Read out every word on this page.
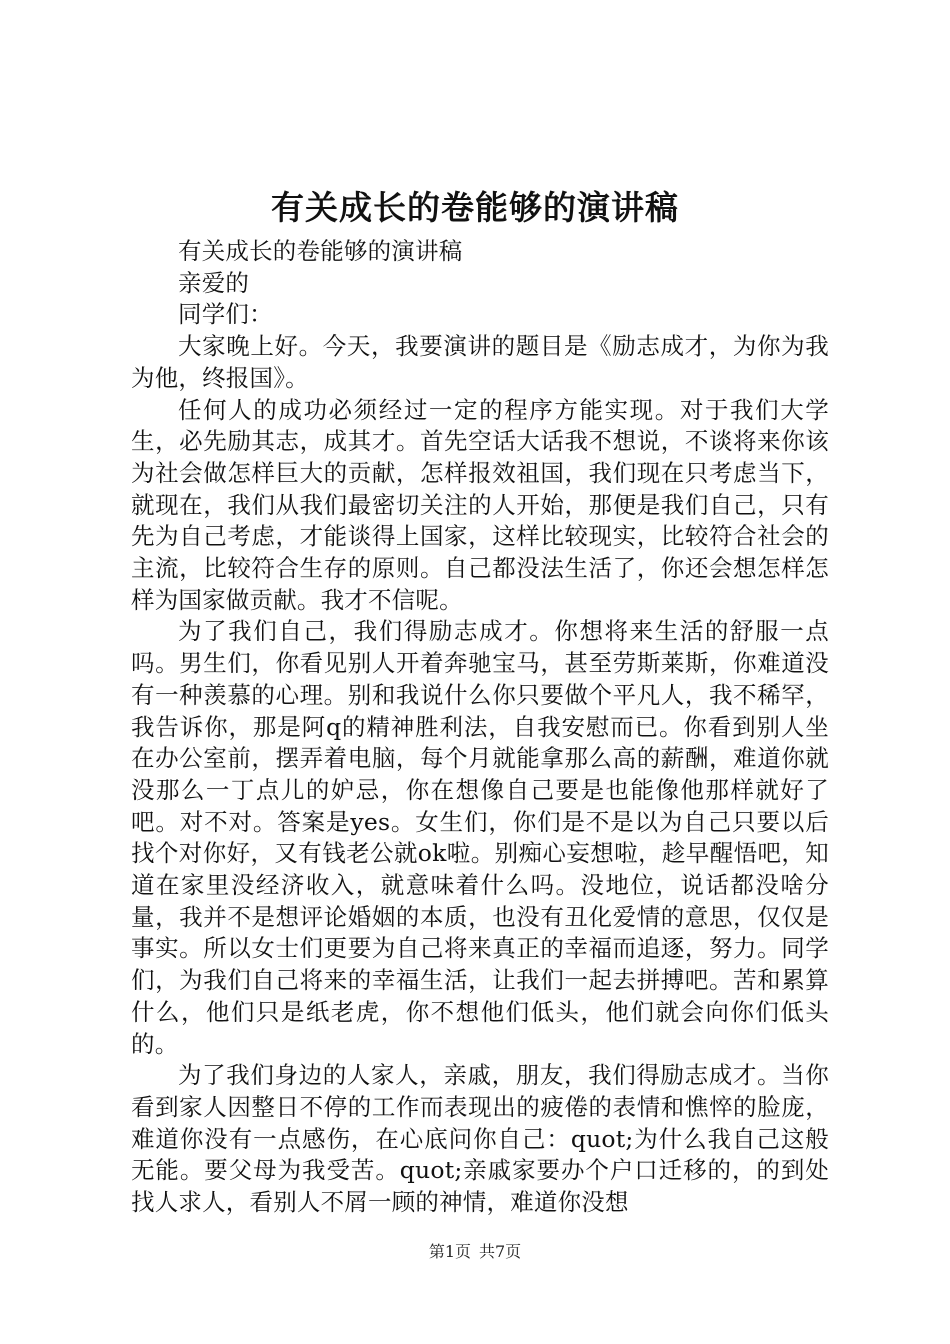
有关成长的卷能够的演讲稿

有关成长的卷能够的演讲稿

亲爱的

同学们：

大家晚上好。今天，我要演讲的题目是《励志成才，为你为我为他，终报国》。

任何人的成功必须经过一定的程序方能实现。对于我们大学生，必先励其志，成其才。首先空话大话我不想说，不谈将来你该为社会做怎样巨大的贡献，怎样报效祖国，我们现在只考虑当下，就现在，我们从我们最密切关注的人开始，那便是我们自己，只有先为自己考虑，才能谈得上国家，这样比较现实，比较符合社会的主流，比较符合生存的原则。自己都没法生活了，你还会想怎样怎样为国家做贡献。我才不信呢。

为了我们自己，我们得励志成才。你想将来生活的舒服一点吗。男生们，你看见别人开着奔驰宝马，甚至劳斯莱斯，你难道没有一种羡慕的心理。别和我说什么你只要做个平凡人，我不稀罕，我告诉你，那是阿q的精神胜利法，自我安慰而已。你看到别人坐在办公室前，摆弄着电脑，每个月就能拿那么高的薪酬，难道你就没那么一丁点儿的妒忌，你在想像自己要是也能像他那样就好了吧。对不对。答案是yes。女生们，你们是不是以为自己只要以后找个对你好，又有钱老公就ok啦。别痴心妄想啦，趁早醒悟吧，知道在家里没经济收入，就意味着什么吗。没地位，说话都没啥分量，我并不是想评论婚姻的本质，也没有丑化爱情的意思，仅仅是事实。所以女士们更要为自己将来真正的幸福而追逐，努力。同学们，为我们自己将来的幸福生活，让我们一起去拼搏吧。苦和累算什么，他们只是纸老虎，你不想他们低头，他们就会向你们低头的。

为了我们身边的人家人，亲戚，朋友，我们得励志成才。当你看到家人因整日不停的工作而表现出的疲倦的表情和憔悴的脸庞，难道你没有一点感伤，在心底问你自己：quot;为什么我自己这般无能。要父母为我受苦。quot;亲戚家要办个户口迁移的，的到处找人求人，看别人不屑一顾的神情，难道你没想

第1页 共7页
